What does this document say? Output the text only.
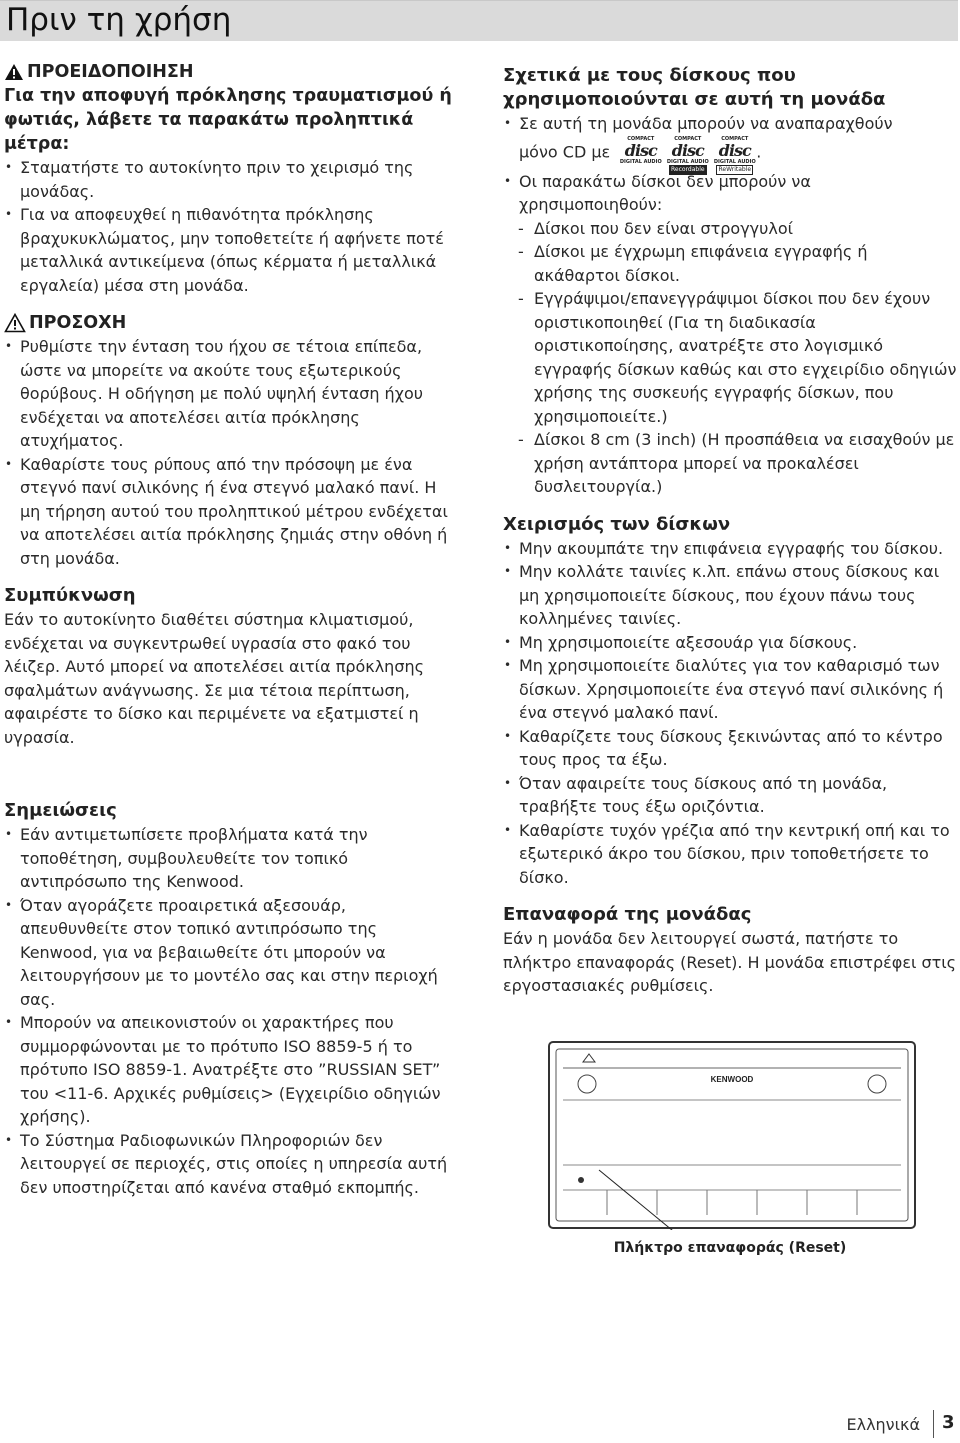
Πριν τη χρήση
ΠΡΟΕΙΔΟΠΟΙΗΣΗ
Για την αποφυγή πρόκλησης τραυματισμού ή φωτιάς, λάβετε τα παρακάτω προληπτικά μέτρα:
• Σταματήστε το αυτοκίνητο πριν το χειρισμό της μονάδας.
• Για να αποφευχθεί η πιθανότητα πρόκλησης βραχυκυκλώματος, μην τοποθετείτε ή αφήνετε ποτέ μεταλλικά αντικείμενα (όπως κέρματα ή μεταλλικά εργαλεία) μέσα στη μονάδα.
ΠΡΟΣΟΧΗ
• Ρυθμίστε την ένταση του ήχου σε τέτοια επίπεδα, ώστε να μπορείτε να ακούτε τους εξωτερικούς θορύβους. Η οδήγηση με πολύ υψηλή ένταση ήχου ενδέχεται να αποτελέσει αιτία πρόκλησης ατυχήματος.
• Καθαρίστε τους ρύπους από την πρόσοψη με ένα στεγνό πανί σιλικόνης ή ένα στεγνό μαλακό πανί. Η μη τήρηση αυτού του προληπτικού μέτρου ενδέχεται να αποτελέσει αιτία πρόκλησης ζημιάς στην οθόνη ή στη μονάδα.
Συμπύκνωση

Εάν το αυτοκίνητο διαθέτει σύστημα κλιματισμού, ενδέχεται να συγκεντρωθεί υγρασία στο φακό του λέιζερ. Αυτό μπορεί να αποτελέσει αιτία πρόκλησης σφαλμάτων ανάγνωσης. Σε μια τέτοια περίπτωση, αφαιρέστε το δίσκο και περιμένετε να εξατμιστεί η υγρασία.

Σημειώσεις
• Εάν αντιμετωπίσετε προβλήματα κατά την τοποθέτηση, συμβουλευθείτε τον τοπικό αντιπρόσωπο της Kenwood.
• Όταν αγοράζετε προαιρετικά αξεσουάρ, απευθυνθείτε στον τοπικό αντιπρόσωπο της Kenwood, για να βεβαιωθείτε ότι μπορούν να λειτουργήσουν με το μοντέλο σας και στην περιοχή σας.
• Μπορούν να απεικονιστούν οι χαρακτήρες που συμμορφώνονται με το πρότυπο ISO 8859-5 ή το πρότυπο ISO 8859-1. Ανατρέξτε στο ”RUSSIAN SET” του <11-6. Αρχικές ρυθμίσεις> (Εγχειρίδιο οδηγιών χρήσης).
• Το Σύστημα Ραδιοφωνικών Πληροφοριών δεν λειτουργεί σε περιοχές, στις οποίες η υπηρεσία αυτή δεν υποστηρίζεται από κανένα σταθμό εκπομπής.
Σχετικά με τους δίσκους που χρησιμοποιούνται σε αυτή τη μονάδα
• Σε αυτή τη μονάδα μπορούν να αναπαραχθούν
μόνο CD με
COMPACT
disc
DIGITAL AUDIO
COMPACT
disc
DIGITAL AUDIO
Recordable
COMPACT
disc
DIGITAL AUDIO
ReWritable
.
• Οι παρακάτω δίσκοι δεν μπορούν να χρησιμοποιηθούν:
- Δίσκοι που δεν είναι στρογγυλοί
- Δίσκοι με έγχρωμη επιφάνεια εγγραφής ή ακάθαρτοι δίσκοι.
- Εγγράψιμοι/επανεγγράψιμοι δίσκοι που δεν έχουν οριστικοποιηθεί (Για τη διαδικασία οριστικοποίησης, ανατρέξτε στο λογισμικό εγγραφής δίσκων καθώς και στο εγχειρίδιο οδηγιών χρήσης της συσκευής εγγραφής δίσκων, που χρησιμοποιείτε.)
- Δίσκοι 8 cm (3 inch) (Η προσπάθεια να εισαχθούν με χρήση αντάπτορα μπορεί να προκαλέσει δυσλειτουργία.)
Χειρισμός των δίσκων
• Μην ακουμπάτε την επιφάνεια εγγραφής του δίσκου.
• Μην κολλάτε ταινίες κ.λπ. επάνω στους δίσκους και μη χρησιμοποιείτε δίσκους, που έχουν πάνω τους κολλημένες ταινίες.
• Μη χρησιμοποιείτε αξεσουάρ για δίσκους.
• Μη χρησιμοποιείτε διαλύτες για τον καθαρισμό των δίσκων. Χρησιμοποιείτε ένα στεγνό πανί σιλικόνης ή ένα στεγνό μαλακό πανί.
• Καθαρίζετε τους δίσκους ξεκινώντας από το κέντρο τους προς τα έξω.
• Όταν αφαιρείτε τους δίσκους από τη μονάδα, τραβήξτε τους έξω οριζόντια.
• Καθαρίστε τυχόν γρέζια από την κεντρική οπή και το εξωτερικό άκρο του δίσκου, πριν τοποθετήσετε το δίσκο.
Επαναφορά της μονάδας

Εάν η μονάδα δεν λειτουργεί σωστά, πατήστε το πλήκτρο επαναφοράς (Reset). Η μονάδα επιστρέφει στις εργοστασιακές ρυθμίσεις.

KENWOOD
Πλήκτρο επαναφοράς (Reset)
Ελληνικά 3
